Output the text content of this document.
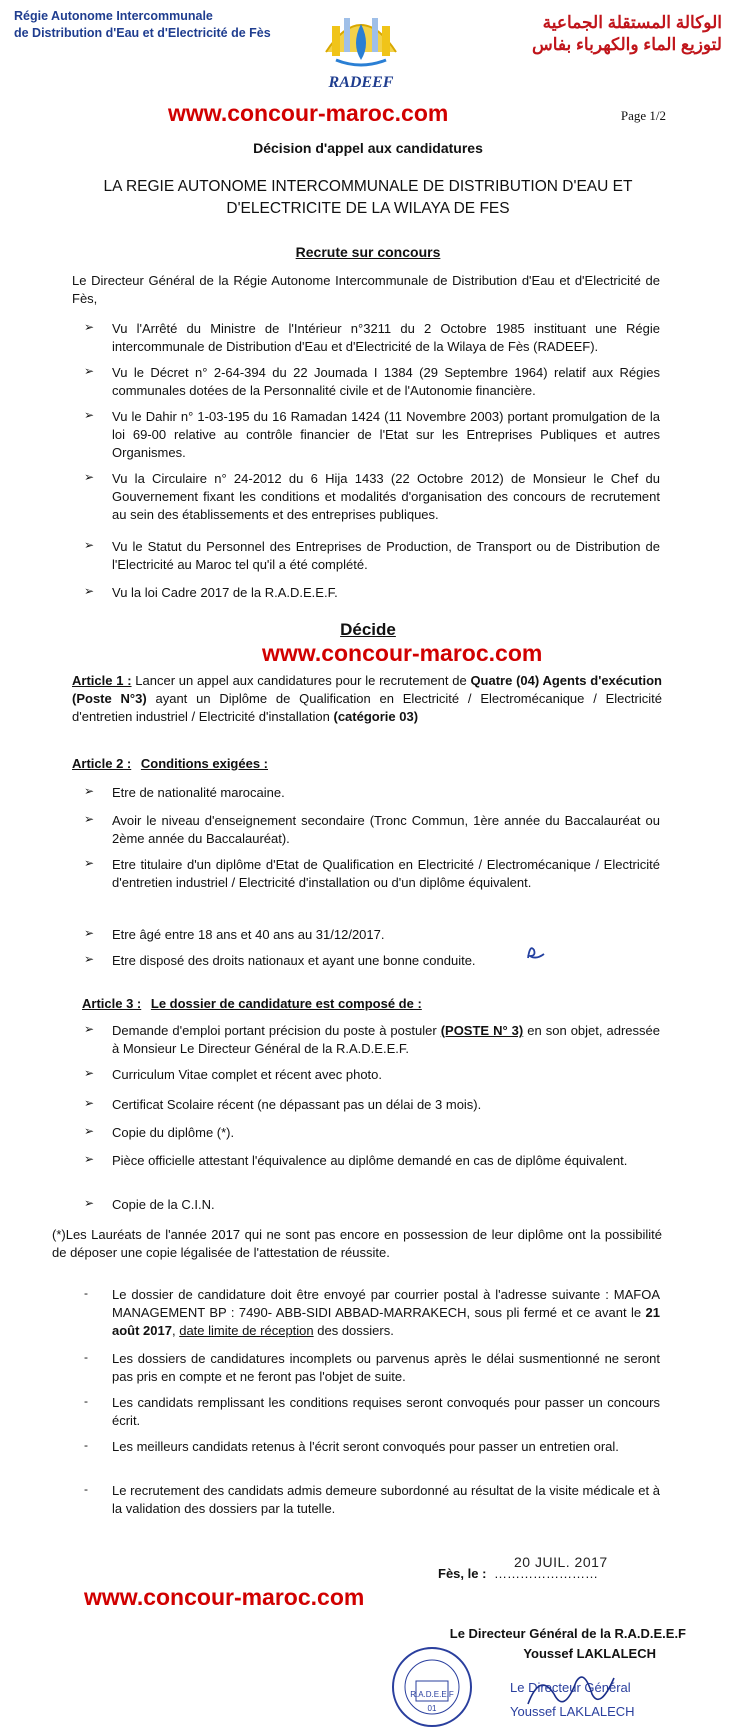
Régie Autonome Intercommunale
de Distribution d'Eau et d'Electricité de Fès
RADEEF
الوكالة المستقلة الجماعية
لتوزيع الماء والكهرباء بفاس
www.concour-maroc.com	Page 1/2
Décision d'appel aux candidatures
LA REGIE AUTONOME INTERCOMMUNALE DE DISTRIBUTION D'EAU ET
D'ELECTRICITE DE LA WILAYA DE FES
Recrute sur concours
Le Directeur Général de la Régie Autonome Intercommunale de Distribution d'Eau et d'Electricité de Fès,
➢ Vu l'Arrêté du Ministre de l'Intérieur n°3211 du 2 Octobre 1985 instituant une Régie intercommunale de Distribution d'Eau et d'Electricité de la Wilaya de Fès (RADEEF).
➢ Vu le Décret n° 2-64-394 du 22 Joumada I 1384 (29 Septembre 1964) relatif aux Régies communales dotées de la Personnalité civile et de l'Autonomie financière.
➢ Vu le Dahir n° 1-03-195 du 16 Ramadan 1424 (11 Novembre 2003) portant promulgation de la loi 69-00 relative au contrôle financier de l'Etat sur les Entreprises Publiques et autres Organismes.
➢ Vu la Circulaire n° 24-2012 du 6 Hija 1433 (22 Octobre 2012) de Monsieur le Chef du Gouvernement fixant les conditions et modalités d'organisation des concours de recrutement au sein des établissements et des entreprises publiques.
➢ Vu le Statut du Personnel des Entreprises de Production, de Transport ou de Distribution de l'Electricité au Maroc tel qu'il a été complété.
➢ Vu la loi Cadre 2017 de la R.A.D.E.E.F.
Décide
www.concour-maroc.com
Article 1 : Lancer un appel aux candidatures pour le recrutement de Quatre (04) Agents d'exécution (Poste N°3) ayant un Diplôme de Qualification en Electricité / Electromécanique / Electricité d'entretien industriel / Electricité d'installation (catégorie 03)
Article 2 : Conditions exigées :
➢ Etre de nationalité marocaine.
➢ Avoir le niveau d'enseignement secondaire (Tronc Commun, 1ère année du Baccalauréat ou 2ème année du Baccalauréat).
➢ Etre titulaire d'un diplôme d'Etat de Qualification en Electricité / Electromécanique / Electricité d'entretien industriel / Electricité d'installation ou d'un diplôme équivalent.
➢ Etre âgé entre 18 ans et 40 ans au 31/12/2017.
➢ Etre disposé des droits nationaux et ayant une bonne conduite.
Article 3 : Le dossier de candidature est composé de :
➢ Demande d'emploi portant précision du poste à postuler (POSTE N° 3) en son objet, adressée à Monsieur Le Directeur Général de la R.A.D.E.E.F.
➢ Curriculum Vitae complet et récent avec photo.
➢ Certificat Scolaire récent (ne dépassant pas un délai de 3 mois).
➢ Copie du diplôme (*).
➢ Pièce officielle attestant l'équivalence au diplôme demandé en cas de diplôme équivalent.
➢ Copie de la C.I.N.
(*)Les Lauréats de l'année 2017 qui ne sont pas encore en possession de leur diplôme ont la possibilité de déposer une copie légalisée de l'attestation de réussite.
- Le dossier de candidature doit être envoyé par courrier postal à l'adresse suivante : MAFOA MANAGEMENT BP : 7490- ABB-SIDI ABBAD-MARRAKECH, sous pli fermé et ce avant le 21 août 2017, date limite de réception des dossiers.
- Les dossiers de candidatures incomplets ou parvenus après le délai susmentionné ne seront pas pris en compte et ne feront pas l'objet de suite.
- Les candidats remplissant les conditions requises seront convoqués pour passer un concours écrit.
- Les meilleurs candidats retenus à l'écrit seront convoqués pour passer un entretien oral.
- Le recrutement des candidats admis demeure subordonné au résultat de la visite médicale et à la validation des dossiers par la tutelle.
Fès, le : ……………………
20 JUIL. 2017
www.concour-maroc.com
Le Directeur Général de la R.A.D.E.E.F
Youssef LAKLALECH
R.A.D.E.E.F
01
Le Directeur Général
Youssef LAKLALECH
